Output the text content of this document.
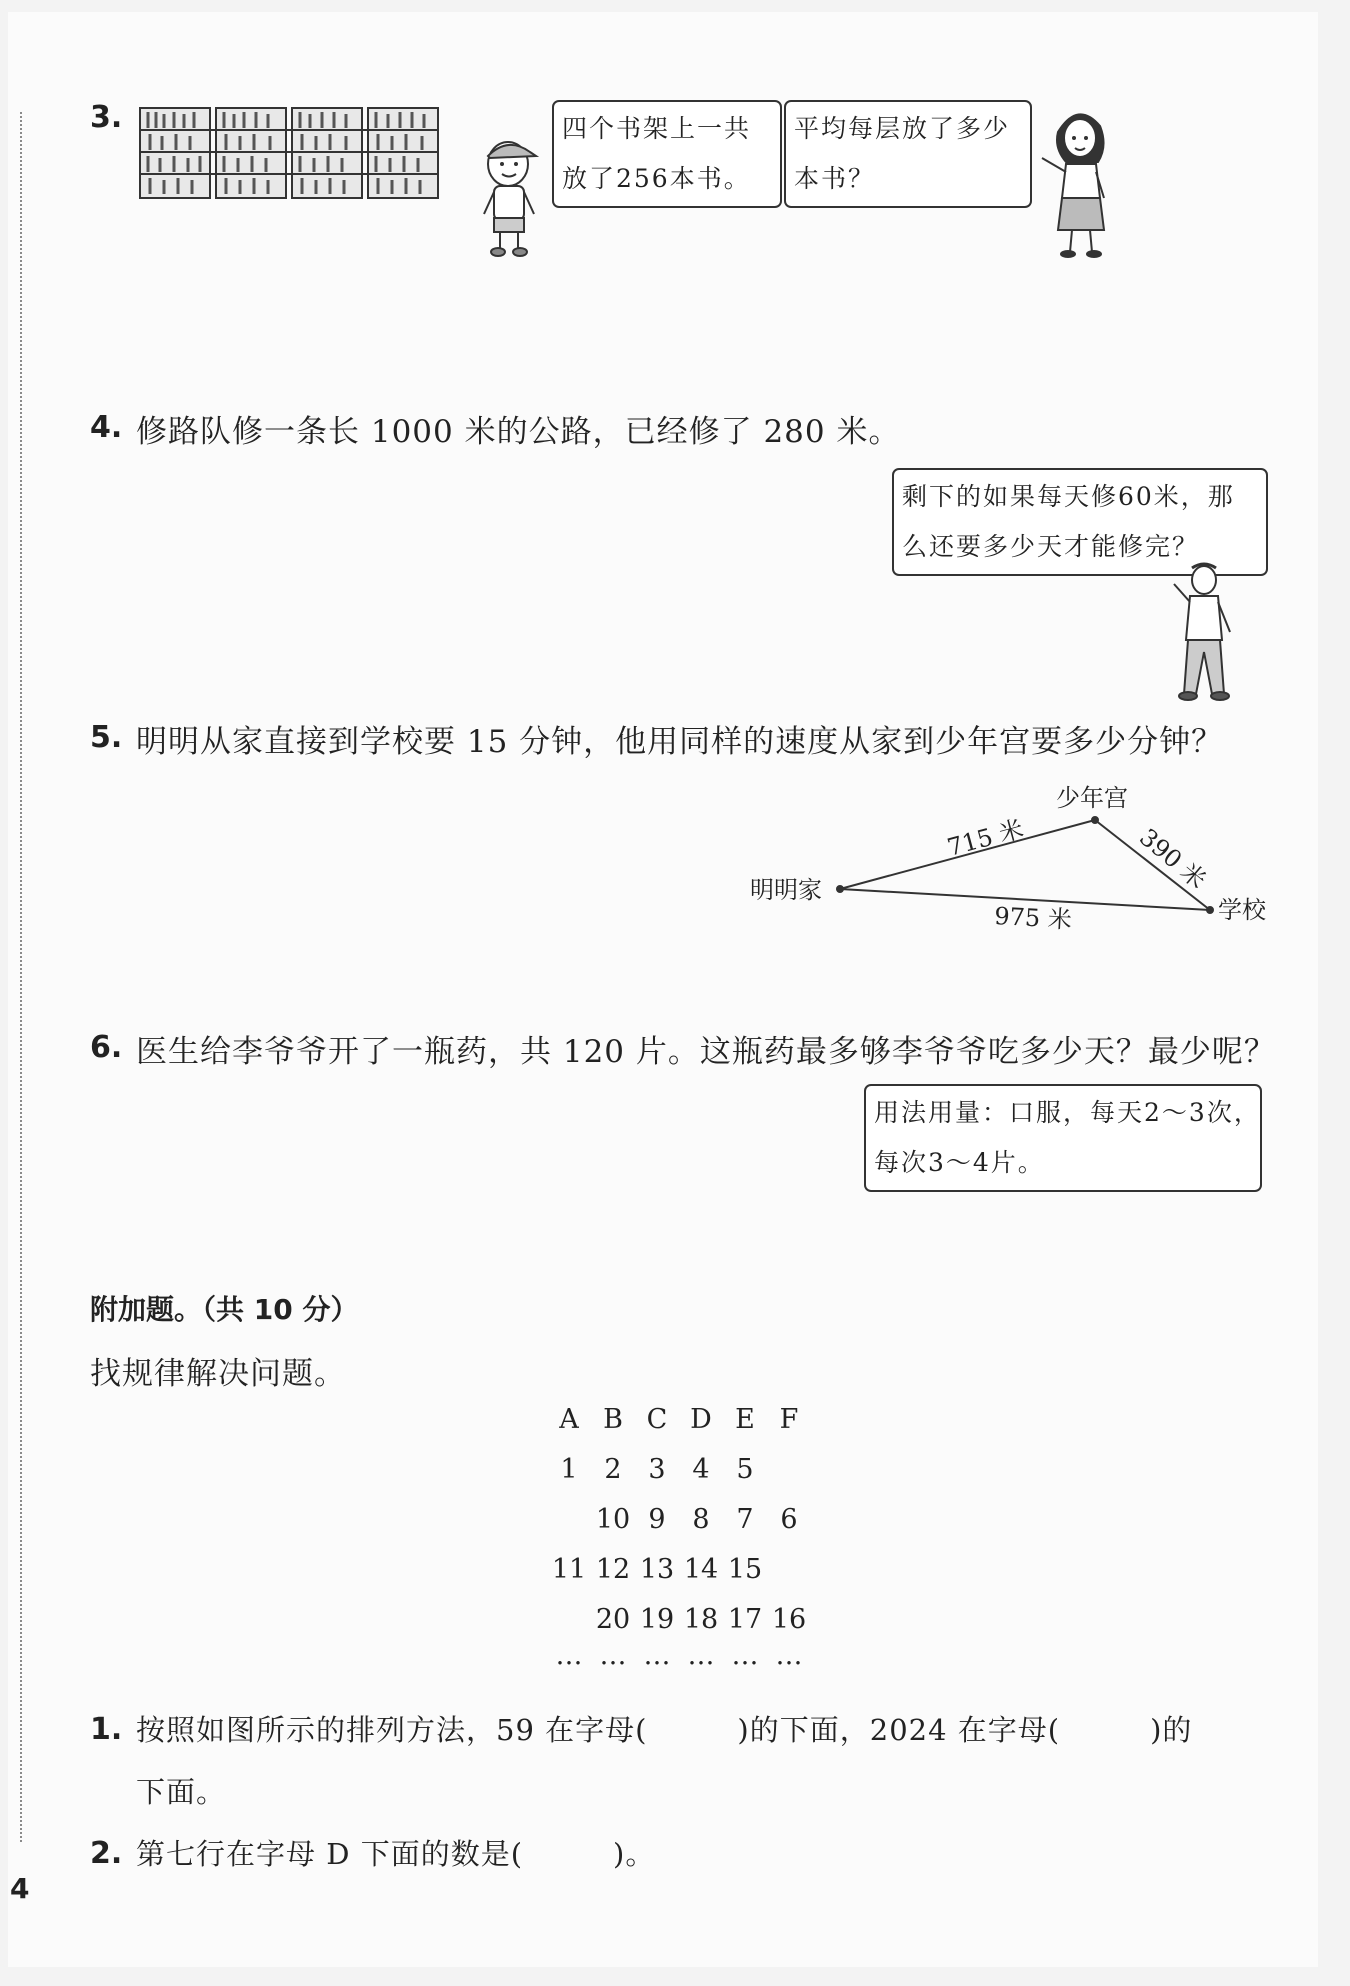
3.	四个书架上一共
放了256本书。
平均每层放了多少
本书？
4. 修路队修一条长 1000 米的公路，已经修了 280 米。
剩下的如果每天修60米，那
么还要多少天才能修完？
5. 明明从家直接到学校要 15 分钟，他用同样的速度从家到少年宫要多少分钟？
明明家
少年宫
学校
715 米	390 米
975 米
6. 医生给李爷爷开了一瓶药，共 120 片。这瓶药最多够李爷爷吃多少天？最少呢？
用法用量：口服，每天2～3次，
每次3～4片。
附加题。（共 10 分）
找规律解决问题。
A B C D E F
1 2 3 4 5
10 9 8 7 6
11 12 13 14 15
20 19 18 17 16
… … … … … …
1. 按照如图所示的排列方法，59 在字母(　　　)的下面，2024 在字母(　　　)的
下面。
2. 第七行在字母 D 下面的数是(　　　)。
4
